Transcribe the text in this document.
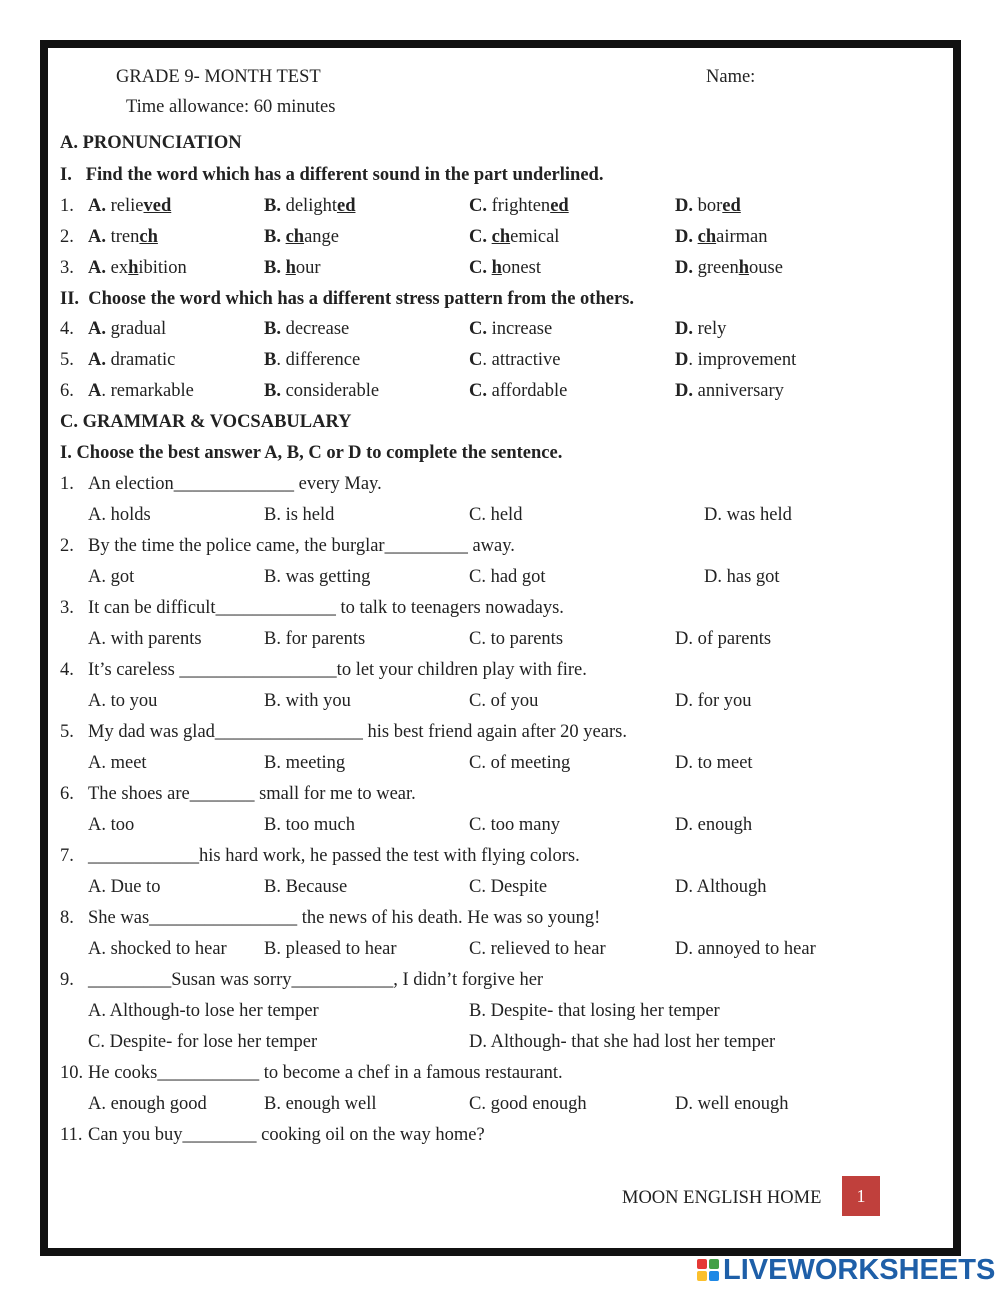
GRADE 9- MONTH TEST	Name:
Time allowance: 60 minutes
A. PRONUNCIATION
I.   Find the word which has a different sound in the part underlined.
1. A. relieved	B. delighted	C. frightened	D. bored
2. A. trench	B. change	C. chemical	D. chairman
3. A. exhibition	B. hour	C. honest	D. greenhouse
II.  Choose the word which has a different stress pattern from the others.
4. A. gradual	B. decrease	C. increase	D. rely
5. A. dramatic	B. difference	C. attractive	D. improvement
6. A. remarkable	B. considerable	C. affordable	D. anniversary
C. GRAMMAR & VOCSABULARY
I. Choose the best answer A, B, C or D to complete the sentence.
1. An election_____________ every May.
A. holds	B. is held	C. held	D. was held
2. By the time the police came, the burglar_________ away.
A. got	B. was getting	C. had got	D. has got
3. It can be difficult_____________ to talk to teenagers nowadays.
A. with parents	B. for parents	C. to parents	D. of parents
4. It’s careless _________________to let your children play with fire.
A. to you	B. with you	C. of you	D. for you
5. My dad was glad________________ his best friend again after 20 years.
A. meet	B. meeting	C. of meeting	D. to meet
6. The shoes are_______ small for me to wear.
A. too	B. too much	C. too many	D. enough
7. ____________his hard work, he passed the test with flying colors.
A. Due to	B. Because	C. Despite	D. Although
8. She was________________ the news of his death. He was so young!
A. shocked to hear B. pleased to hear	C. relieved to hear	D. annoyed to hear
9. _________Susan was sorry___________, I didn’t forgive her
A. Although-to lose her temper	B. Despite- that losing her temper
C. Despite- for lose her temper	D. Although- that she had lost her temper
10. He cooks___________ to become a chef in a famous restaurant.
A. enough good	B. enough well	C. good enough	D. well enough
11. Can you buy________ cooking oil on the way home?
MOON ENGLISH HOME	1
LIVEWORKSHEETS
